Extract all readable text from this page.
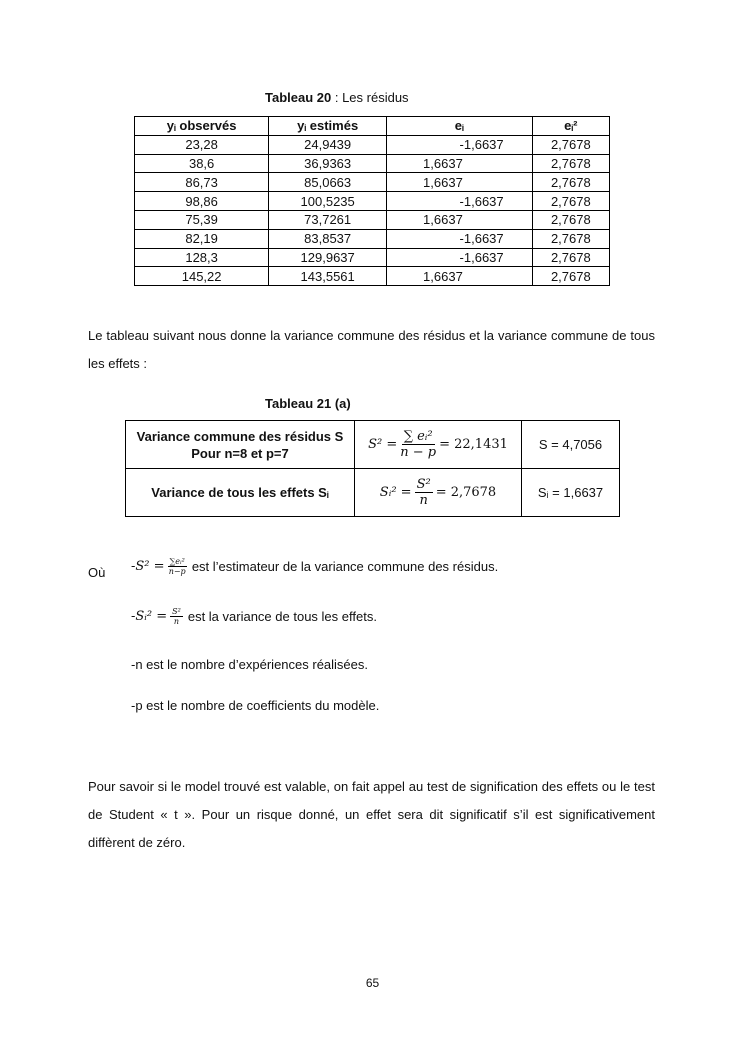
Tableau 20 : Les résidus
yᵢ observés	yᵢ estimés	eᵢ	eᵢ²
23,28	24,9439	-1,6637	2,7678
38,6	36,9363	1,6637	2,7678
86,73	85,0663	1,6637	2,7678
98,86	100,5235	-1,6637	2,7678
75,39	73,7261	1,6637	2,7678
82,19	83,8537	-1,6637	2,7678
128,3	129,9637	-1,6637	2,7678
145,22	143,5561	1,6637	2,7678
Le tableau suivant nous donne la variance commune des résidus et la variance commune de tous les effets :
Tableau 21 (a)
Variance commune des résidus S
Pour n=8 et p=7	$S^2 = \frac{\text{∑ eᵢ²}}{n - p} = 22,1431$	S = 4,7056
Variance de tous les effets Sᵢ	Sᵢ² = $\frac{\text{S²}}{n} = 2,7678$	Sᵢ = 1,6637
Où $-S^2 = \frac{\text{∑eᵢ²}}{n-p}$ est l’estimateur de la variance commune des résidus.
-Sᵢ² = $\frac{\text{S²}}{n}$ est la variance de tous les effets.
-n est le nombre d’expériences réalisées.
-p est le nombre de coefficients du modèle.
Pour savoir si le model trouvé est valable, on fait appel au test de signification des effets ou le test de Student « t ». Pour un risque donné, un effet sera dit significatif s’il est significativement diffèrent de zéro.
65
